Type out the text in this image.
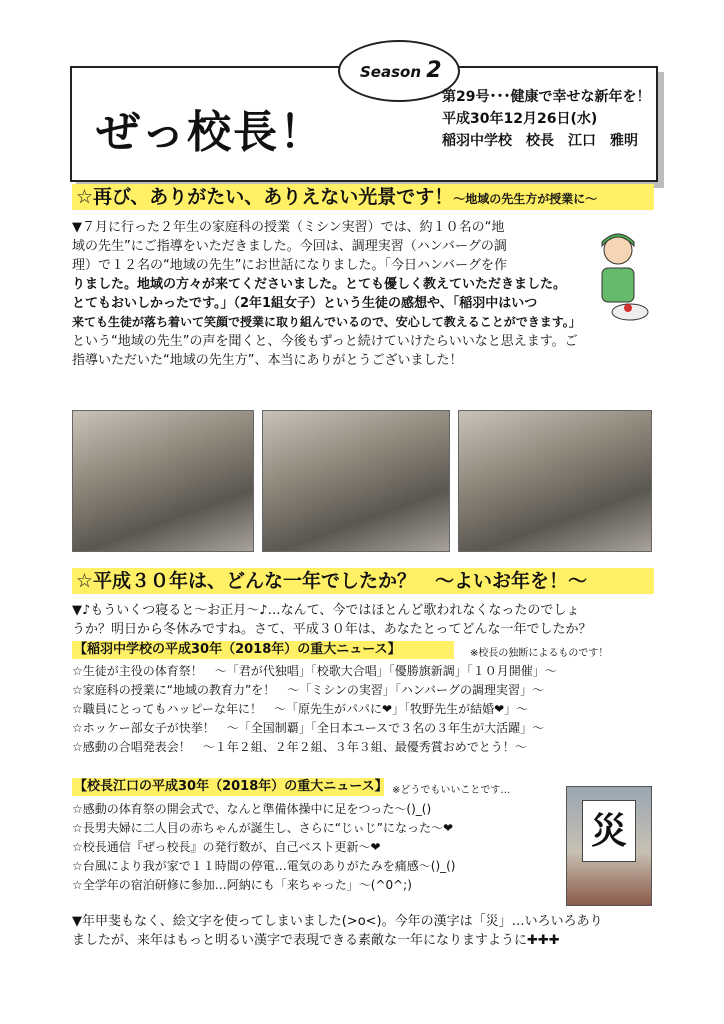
ぜっ校長！
Season 2
第29号･･･健康で幸せな新年を！
平成30年12月26日(水)
稲羽中学校　校長　江口　雅明
☆再び、ありがたい、ありえない光景です！～地域の先生方が授業に～
▼７月に行った２年生の家庭科の授業（ミシン実習）では、約１０名の“地
域の先生”にご指導をいただきました。今回は、調理実習（ハンバーグの調
理）で１２名の“地域の先生”にお世話になりました。「今日ハンバーグを作
りました。地域の方々が来てくださいました。とても優しく教えていただきました。
とてもおいしかったです。」（2年1組女子）という生徒の感想や、「稲羽中はいつ
来ても生徒が落ち着いて笑顔で授業に取り組んでいるので、安心して教えることができます。」
という“地域の先生”の声を聞くと、今後もずっと続けていけたらいいなと思えます。ご
指導いただいた“地域の先生方”、本当にありがとうございました！
☆平成３０年は、どんな一年でしたか？　～よいお年を！～
▼♪もういくつ寝ると～お正月～♪…なんて、今ではほとんど歌われなくなったのでしょ
うか？明日から冬休みですね。さて、平成３０年は、あなたとってどんな一年でしたか？
【稲羽中学校の平成30年（2018年）の重大ニュース】	※校長の独断によるものです！
☆生徒が主役の体育祭！　～「君が代独唱」「校歌大合唱」「優勝旗新調」「１０月開催」～
☆家庭科の授業に“地域の教育力”を！　～「ミシンの実習」「ハンバーグの調理実習」～
☆職員にとってもハッピーな年に！　～「原先生がパパに❤」「牧野先生が結婚❤」～
☆ホッケー部女子が快挙！　～「全国制覇」「全日本ユースで３名の３年生が大活躍」～
☆感動の合唱発表会！　～１年２組、２年２組、３年３組、最優秀賞おめでとう！～
【校長江口の平成30年（2018年）の重大ニュース】 ※どうでもいいことです…
☆感動の体育祭の開会式で、なんと準備体操中に足をつった～()_()
☆長男夫婦に二人目の赤ちゃんが誕生し、さらに“じぃじ”になった～❤
☆校長通信『ぜっ校長』の発行数が、自己ベスト更新～❤
☆台風により我が家で１１時間の停電…電気のありがたみを痛感～()_()
☆全学年の宿泊研修に参加…阿納にも「来ちゃった」～(^0^;)
災
▼年甲斐もなく、絵文字を使ってしまいました(>o<)。今年の漢字は「災」…いろいろあり
ましたが、来年はもっと明るい漢字で表現できる素敵な一年になりますように✚✚✚
